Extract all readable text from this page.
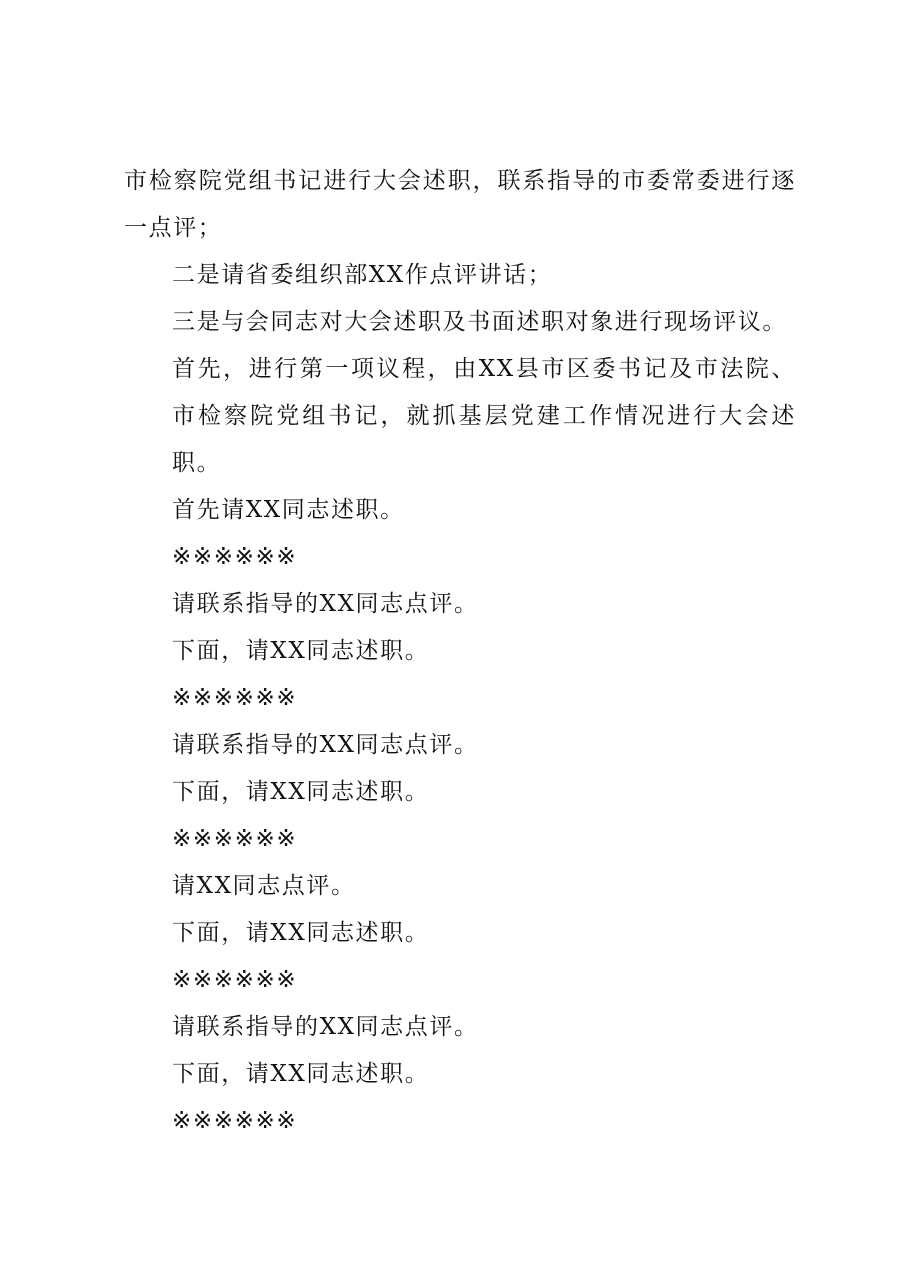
市检察院党组书记进行大会述职，联系指导的市委常委进行逐一点评；

二是请省委组织部XX作点评讲话；

三是与会同志对大会述职及书面述职对象进行现场评议。

首先，进行第一项议程，由XX县市区委书记及市法院、市检察院党组书记，就抓基层党建工作情况进行大会述职。

首先请XX同志述职。

※※※※※※

请联系指导的XX同志点评。

下面，请XX同志述职。

※※※※※※

请联系指导的XX同志点评。

下面，请XX同志述职。

※※※※※※

请XX同志点评。

下面，请XX同志述职。

※※※※※※

请联系指导的XX同志点评。

下面，请XX同志述职。

※※※※※※
